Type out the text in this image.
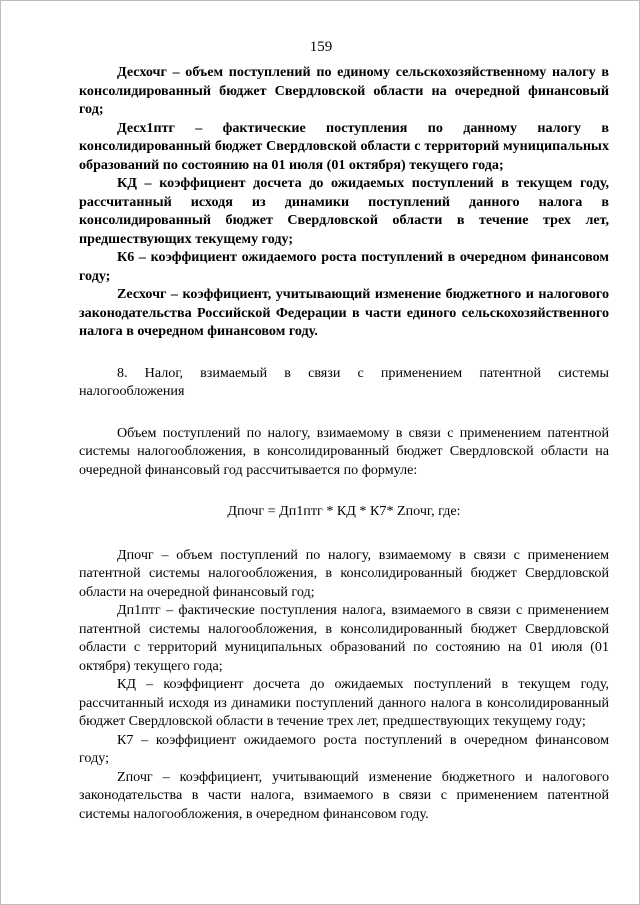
159

Десхочг – объем поступлений по единому сельскохозяйственному налогу в консолидированный бюджет Свердловской области на очередной финансовый год;

Десх1птг – фактические поступления по данному налогу в консолидированный бюджет Свердловской области с территорий муниципальных образований по состоянию на 01 июля (01 октября) текущего года;

КД – коэффициент досчета до ожидаемых поступлений в текущем году, рассчитанный исходя из динамики поступлений данного налога в консолидированный бюджет Свердловской области в течение трех лет, предшествующих текущему году;

К6 – коэффициент ожидаемого роста поступлений в очередном финансовом году;

Zесхочг – коэффициент, учитывающий изменение бюджетного и налогового законодательства Российской Федерации в части единого сельскохозяйственного налога в очередном финансовом году.

8. Налог, взимаемый в связи с применением патентной системы налогообложения

Объем поступлений по налогу, взимаемому в связи с применением патентной системы налогообложения, в консолидированный бюджет Свердловской области на очередной финансовый год рассчитывается по формуле:

Дпочг = Дп1птг * КД * К7* Zпочг, где:

Дпочг – объем поступлений по налогу, взимаемому в связи с применением патентной системы налогообложения, в консолидированный бюджет Свердловской области на очередной финансовый год;

Дп1птг – фактические поступления налога, взимаемого в связи с применением патентной системы налогообложения, в консолидированный бюджет Свердловской области с территорий муниципальных образований по состоянию на 01 июля (01 октября) текущего года;

КД – коэффициент досчета до ожидаемых поступлений в текущем году, рассчитанный исходя из динамики поступлений данного налога в консолидированный бюджет Свердловской области в течение трех лет, предшествующих текущему году;

К7 – коэффициент ожидаемого роста поступлений в очередном финансовом году;

Zпочг – коэффициент, учитывающий изменение бюджетного и налогового законодательства в части налога, взимаемого в связи с применением патентной системы налогообложения, в очередном финансовом году.
